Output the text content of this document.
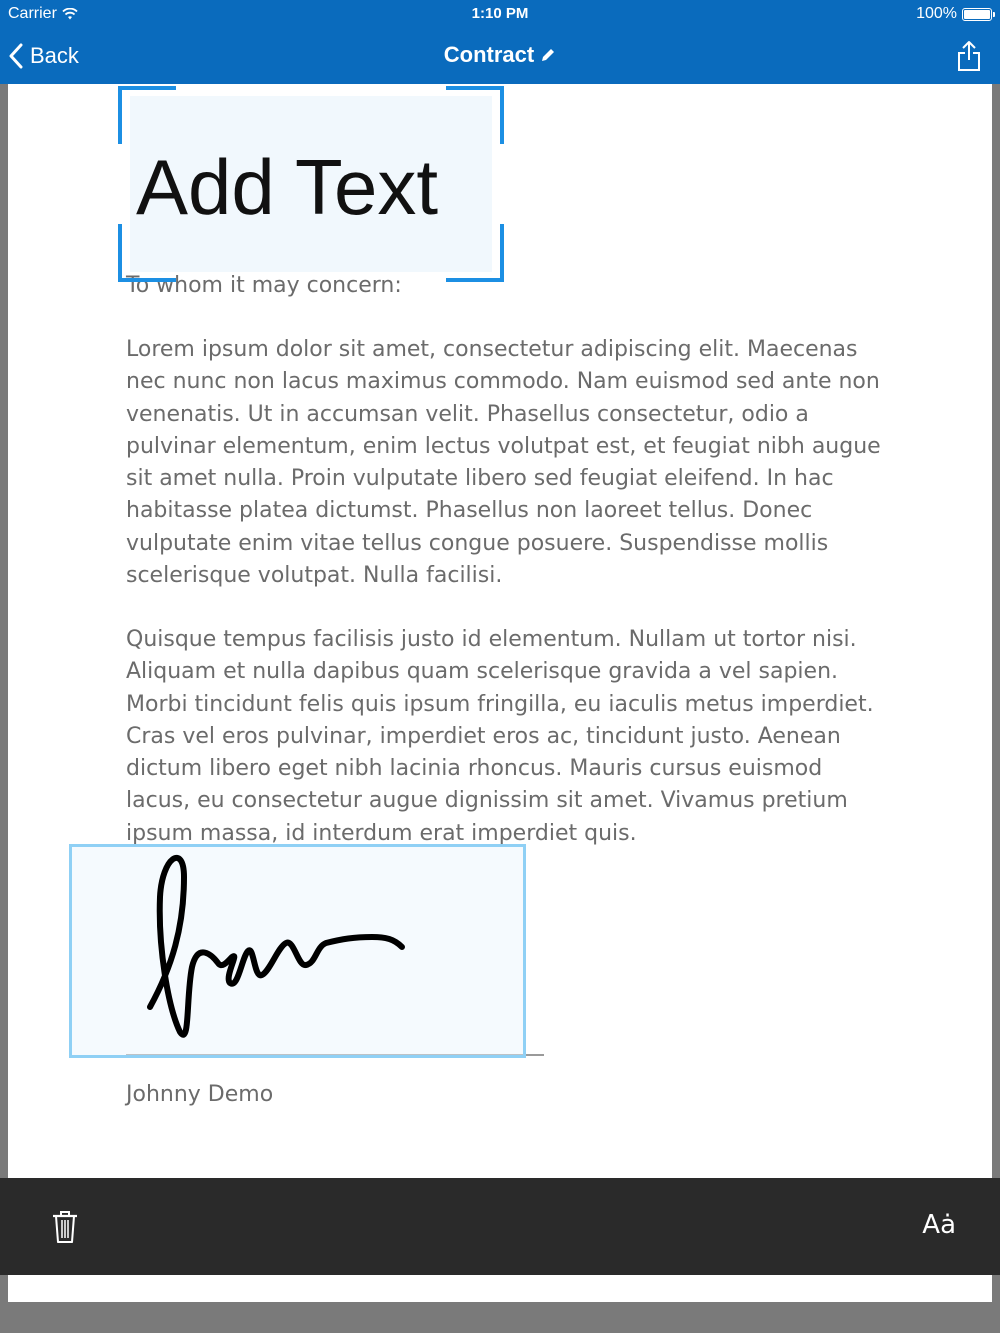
Carrier	1:10 PM	100%
Back	Contract
To whom it may concern:
Lorem ipsum dolor sit amet, consectetur adipiscing elit. Maecenas nec nunc non lacus maximus commodo. Nam euismod sed ante non venenatis. Ut in accumsan velit. Phasellus consectetur, odio a pulvinar elementum, enim lectus volutpat est, et feugiat nibh augue sit amet nulla. Proin vulputate libero sed feugiat eleifend. In hac habitasse platea dictumst. Phasellus non laoreet tellus. Donec vulputate enim vitae tellus congue posuere. Suspendisse mollis scelerisque volutpat. Nulla facilisi.
Quisque tempus facilisis justo id elementum. Nullam ut tortor nisi. Aliquam et nulla dapibus quam scelerisque gravida a vel sapien. Morbi tincidunt felis quis ipsum fringilla, eu iaculis metus imperdiet. Cras vel eros pulvinar, imperdiet eros ac, tincidunt justo. Aenean dictum libero eget nibh lacinia rhoncus. Mauris cursus euismod lacus, eu consectetur augue dignissim sit amet. Vivamus pretium ipsum massa, id interdum erat imperdiet quis.
Johnny Demo
Add Text
Aȧ
